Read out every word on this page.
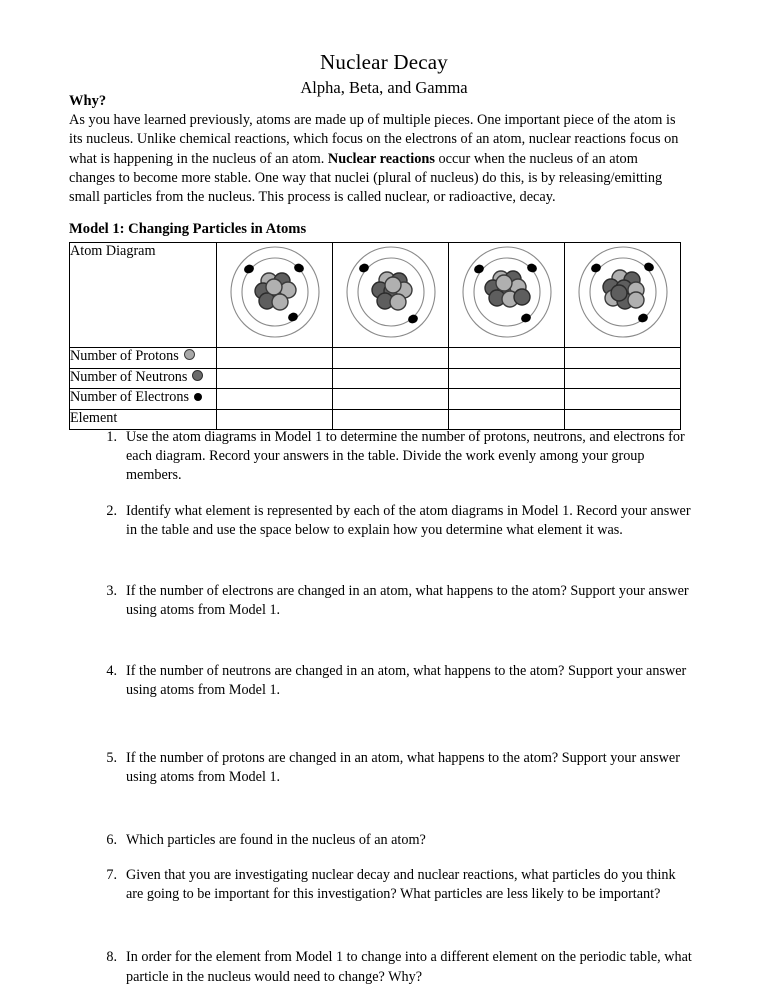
Nuclear Decay
Alpha, Beta, and Gamma
Why?

As you have learned previously, atoms are made up of multiple pieces. One important piece of the atom is its nucleus. Unlike chemical reactions, which focus on the electrons of an atom, nuclear reactions focus on what is happening in the nucleus of an atom. Nuclear reactions occur when the nucleus of an atom changes to become more stable. One way that nuclei (plural of nucleus) do this, is by releasing/emitting small particles from the nucleus. This process is called nuclear, or radioactive, decay.

Model 1: Changing Particles in Atoms
Atom Diagram	

Number of Protons				

Number of Neutrons				

Number of Electrons				

Element				
1. Use the atom diagrams in Model 1 to determine the number of protons, neutrons, and electrons for each diagram. Record your answers in the table. Divide the work evenly among your group members.
2. Identify what element is represented by each of the atom diagrams in Model 1. Record your answer in the table and use the space below to explain how you determine what element it was.
3. If the number of electrons are changed in an atom, what happens to the atom? Support your answer using atoms from Model 1.
4. If the number of neutrons are changed in an atom, what happens to the atom? Support your answer using atoms from Model 1.
5. If the number of protons are changed in an atom, what happens to the atom? Support your answer using atoms from Model 1.
6. Which particles are found in the nucleus of an atom?
7. Given that you are investigating nuclear decay and nuclear reactions, what particles do you think are going to be important for this investigation? What particles are less likely to be important?
8. In order for the element from Model 1 to change into a different element on the periodic table, what particle in the nucleus would need to change? Why?
